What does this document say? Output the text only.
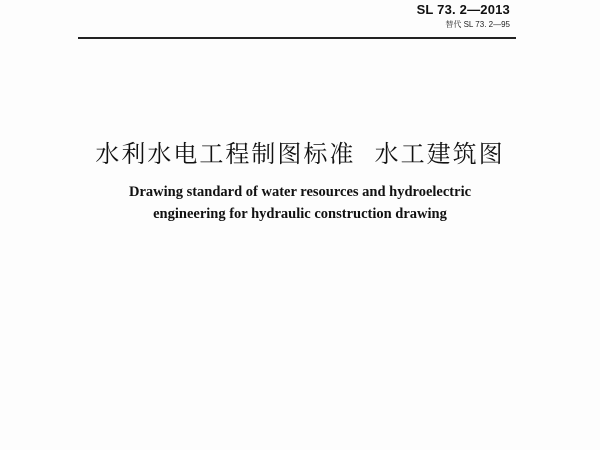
SL 73. 2—2013
替代 SL 73. 2—95
水利水电工程制图标准  水工建筑图
Drawing standard of water resources and hydroelectric
engineering for hydraulic construction drawing
